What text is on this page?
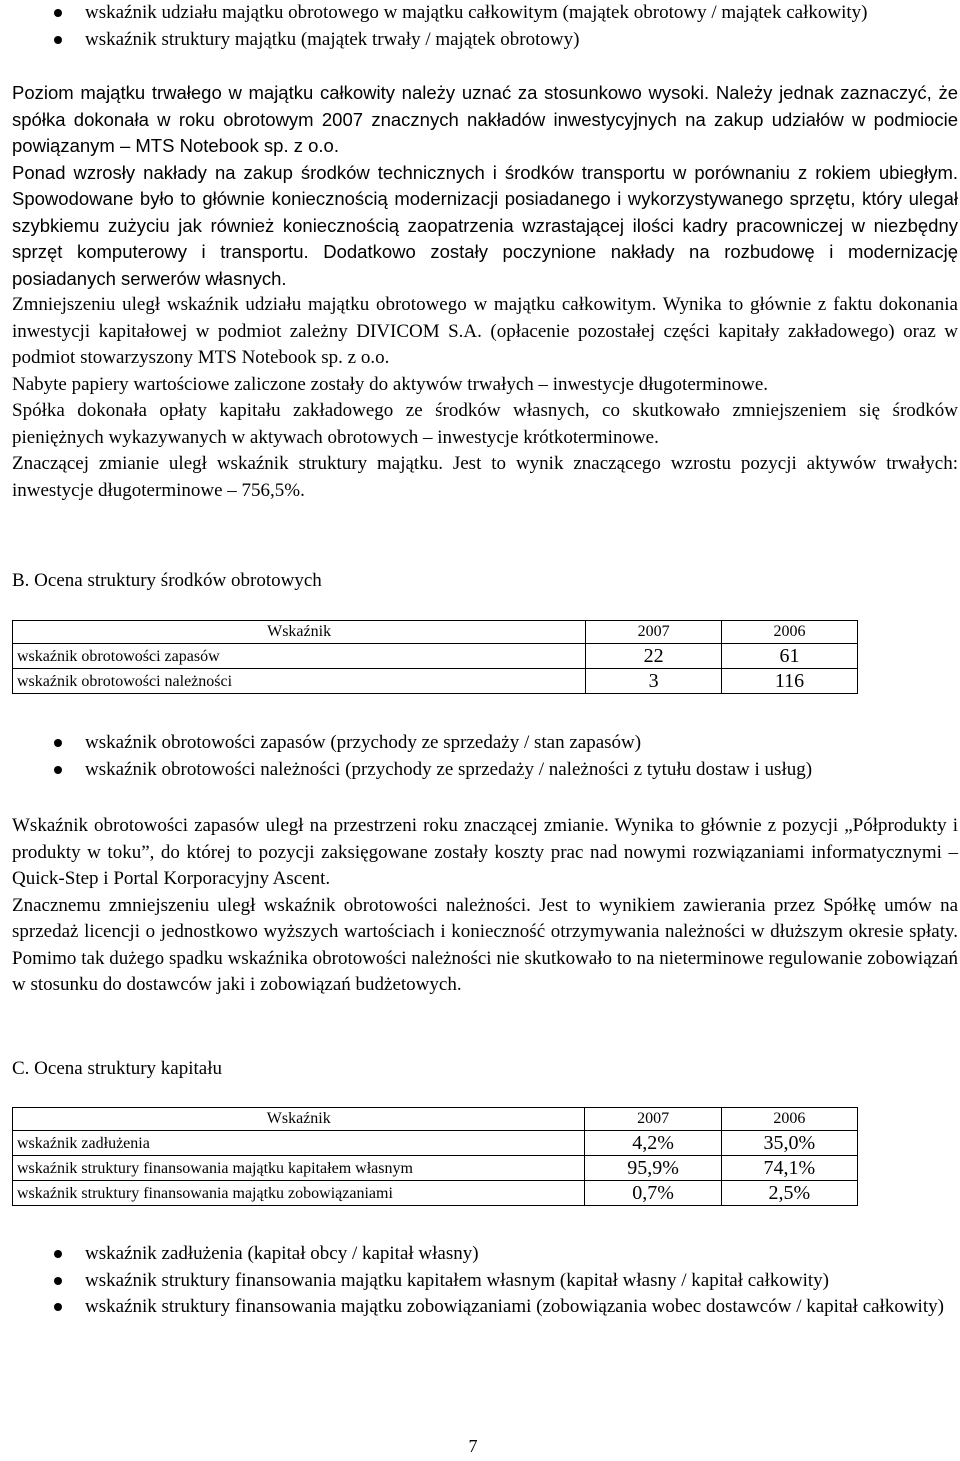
wskaźnik udziału majątku obrotowego w majątku całkowitym (majątek obrotowy / majątek całkowity)
wskaźnik struktury majątku (majątek trwały / majątek obrotowy)

Poziom majątku trwałego w majątku całkowity należy uznać za stosunkowo wysoki. Należy jednak zaznaczyć, że spółka dokonała w roku obrotowym 2007 znacznych nakładów inwestycyjnych na zakup udziałów w podmiocie powiązanym – MTS Notebook sp. z o.o.

Ponad wzrosły nakłady na zakup środków technicznych i środków transportu w porównaniu z rokiem ubiegłym. Spowodowane było to głównie koniecznością modernizacji posiadanego i wykorzystywanego sprzętu, który ulegał szybkiemu zużyciu jak również koniecznością zaopatrzenia wzrastającej ilości kadry pracowniczej w niezbędny sprzęt komputerowy i transportu. Dodatkowo zostały poczynione nakłady na rozbudowę i modernizację posiadanych serwerów własnych.

Zmniejszeniu uległ wskaźnik udziału majątku obrotowego w majątku całkowitym. Wynika to głównie z faktu dokonania inwestycji kapitałowej w podmiot zależny DIVICOM S.A. (opłacenie pozostałej części kapitały zakładowego) oraz w podmiot stowarzyszony MTS Notebook sp. z o.o.

Nabyte papiery wartościowe zaliczone zostały do aktywów trwałych – inwestycje długoterminowe.

Spółka dokonała opłaty kapitału zakładowego ze środków własnych, co skutkowało zmniejszeniem się środków pieniężnych wykazywanych w aktywach obrotowych – inwestycje krótkoterminowe.

Znaczącej zmianie uległ wskaźnik struktury majątku. Jest to wynik znaczącego wzrostu pozycji aktywów trwałych: inwestycje długoterminowe – 756,5%.

B. Ocena struktury środków obrotowych
Wskaźnik	2007	2006
wskaźnik obrotowości zapasów	22	61
wskaźnik obrotowości należności	3	116
wskaźnik obrotowości zapasów (przychody ze sprzedaży / stan zapasów)
wskaźnik obrotowości należności (przychody ze sprzedaży / należności z tytułu dostaw i usług)

Wskaźnik obrotowości zapasów uległ na przestrzeni roku znaczącej zmianie. Wynika to głównie z pozycji „Półprodukty i produkty w toku”, do której to pozycji zaksięgowane zostały koszty prac nad nowymi rozwiązaniami informatycznymi – Quick-Step i Portal Korporacyjny Ascent.

Znacznemu zmniejszeniu uległ wskaźnik obrotowości należności. Jest to wynikiem zawierania przez Spółkę umów na sprzedaż licencji o jednostkowo wyższych wartościach i konieczność otrzymywania należności w dłuższym okresie spłaty. Pomimo tak dużego spadku wskaźnika obrotowości należności nie skutkowało to na nieterminowe regulowanie zobowiązań w stosunku do dostawców jaki i zobowiązań budżetowych.

C. Ocena struktury kapitału
Wskaźnik	2007	2006
wskaźnik zadłużenia	4,2%	35,0%
wskaźnik struktury finansowania majątku kapitałem własnym	95,9%	74,1%
wskaźnik struktury finansowania majątku zobowiązaniami	0,7%	2,5%
wskaźnik zadłużenia (kapitał obcy / kapitał własny)
wskaźnik struktury finansowania majątku kapitałem własnym (kapitał własny / kapitał całkowity)
wskaźnik struktury finansowania majątku zobowiązaniami (zobowiązania wobec dostawców / kapitał całkowity)
7
